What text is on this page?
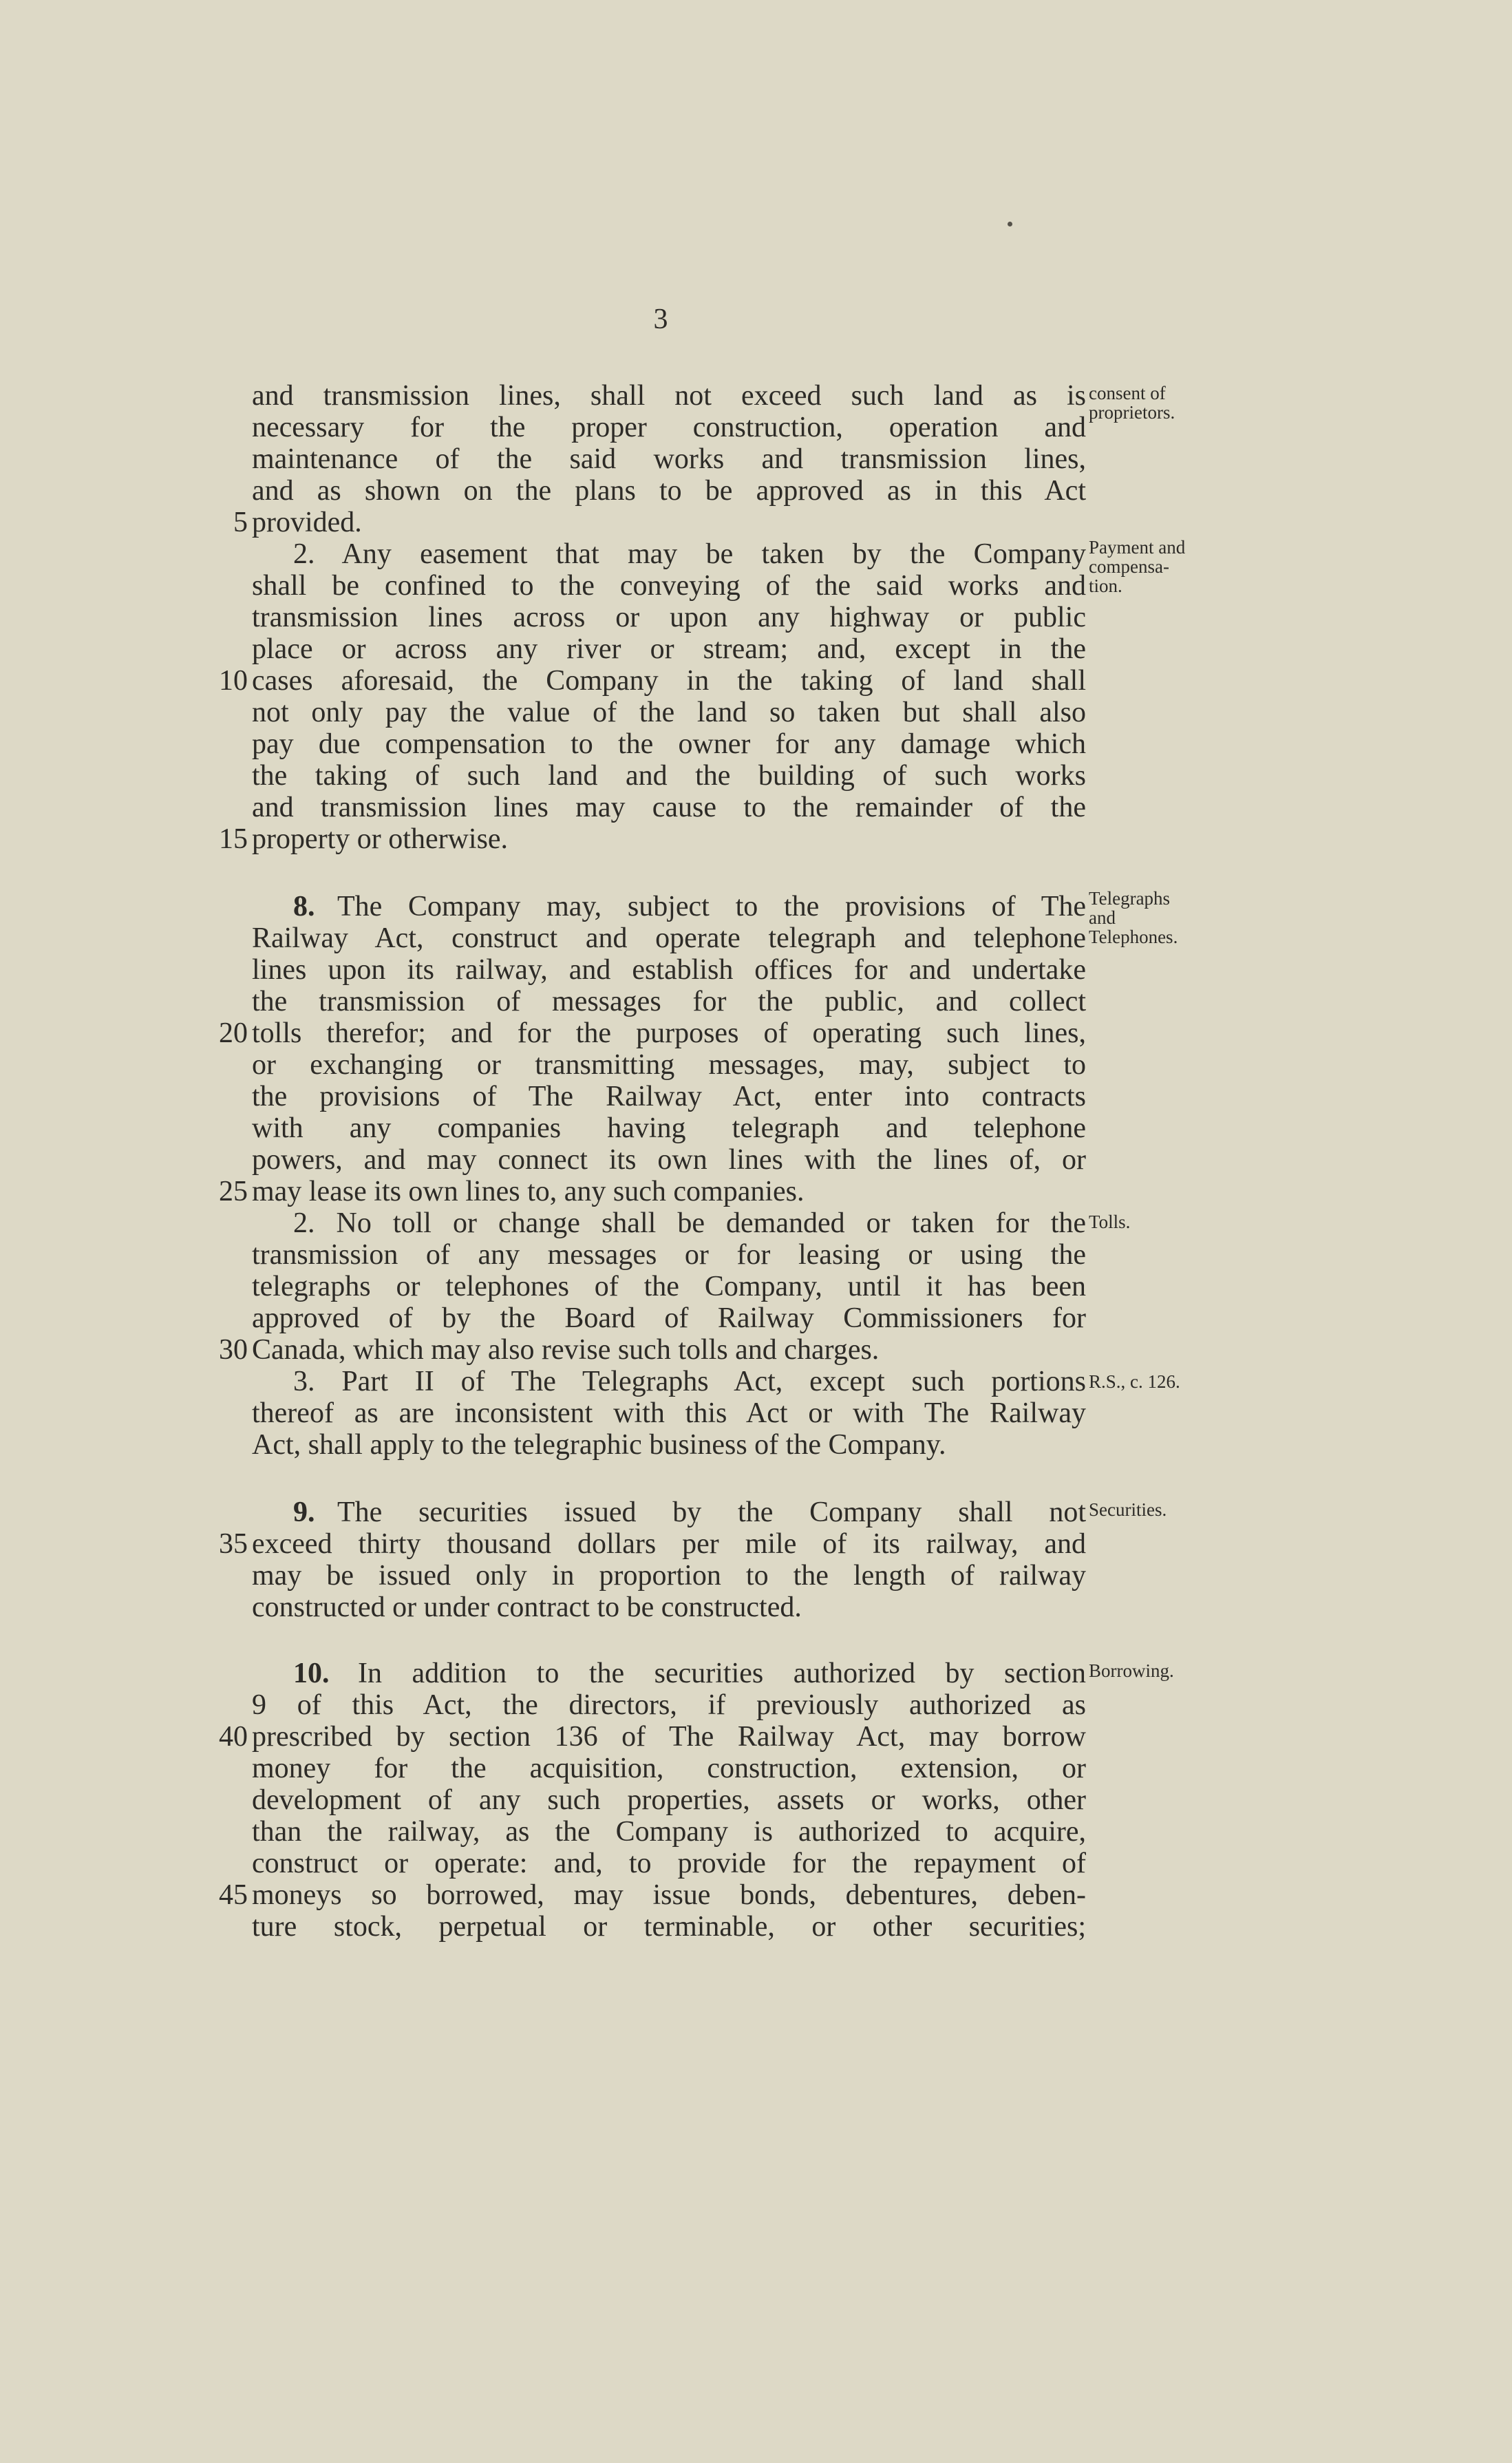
3
and transmission lines, shall not exceed such land as is
necessary for the proper construction, operation and
maintenance of the said works and transmission lines,
and as shown on the plans to be approved as in this Act
provided.
2. Any easement that may be taken by the Company
shall be confined to the conveying of the said works and
transmission lines across or upon any highway or public
place or across any river or stream; and, except in the
cases aforesaid, the Company in the taking of land shall
not only pay the value of the land so taken but shall also
pay due compensation to the owner for any damage which
the taking of such land and the building of such works
and transmission lines may cause to the remainder of the
property or otherwise.
8. The Company may, subject to the provisions of The
Railway Act, construct and operate telegraph and telephone
lines upon its railway, and establish offices for and undertake
the transmission of messages for the public, and collect
tolls therefor; and for the purposes of operating such lines,
or exchanging or transmitting messages, may, subject to
the provisions of The Railway Act, enter into contracts
with any companies having telegraph and telephone
powers, and may connect its own lines with the lines of, or
may lease its own lines to, any such companies.
2. No toll or change shall be demanded or taken for the
transmission of any messages or for leasing or using the
telegraphs or telephones of the Company, until it has been
approved of by the Board of Railway Commissioners for
Canada, which may also revise such tolls and charges.
3. Part II of The Telegraphs Act, except such portions
thereof as are inconsistent with this Act or with The Railway
Act, shall apply to the telegraphic business of the Company.
9. The securities issued by the Company shall not
exceed thirty thousand dollars per mile of its railway, and
may be issued only in proportion to the length of railway
constructed or under contract to be constructed.
10. In addition to the securities authorized by section
9 of this Act, the directors, if previously authorized as
prescribed by section 136 of The Railway Act, may borrow
money for the acquisition, construction, extension, or
development of any such properties, assets or works, other
than the railway, as the Company is authorized to acquire,
construct or operate: and, to provide for the repayment of
moneys so borrowed, may issue bonds, debentures, deben-
ture stock, perpetual or terminable, or other securities;
5
10
15
20
25
30
35
40
45
consent of
proprietors.
Payment and
compensa-
tion.
Telegraphs
and
Telephones.
Tolls.
R.S., c. 126.
Securities.
Borrowing.
